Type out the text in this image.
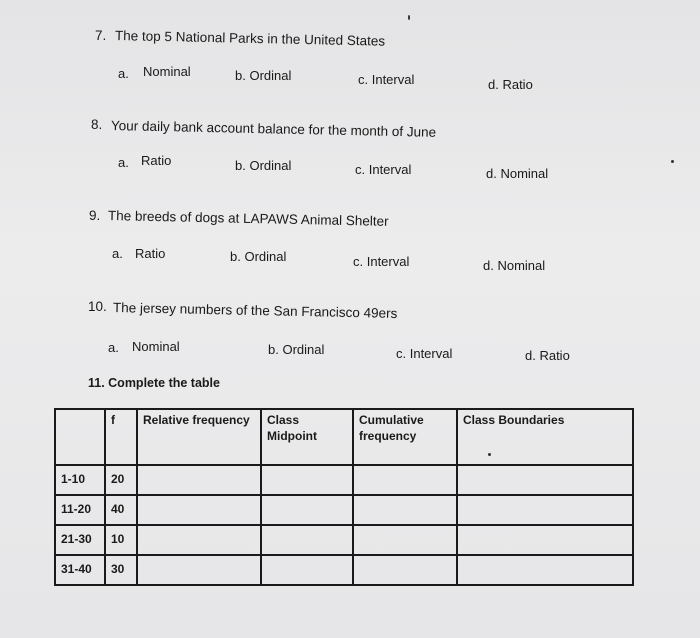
7. The top 5 National Parks in the United States
a. Nominal	b. Ordinal	c. Interval	d. Ratio
8. Your daily bank account balance for the month of June
a. Ratio	b. Ordinal	c. Interval	d. Nominal
9. The breeds of dogs at LAPAWS Animal Shelter
a. Ratio	b. Ordinal	c. Interval	d. Nominal
10. The jersey numbers of the San Francisco 49ers
a. Nominal	b. Ordinal	c. Interval	d. Ratio
11. Complete the table
	f	Relative frequency	Class Midpoint	Cumulative frequency	Class Boundaries
1-10	20				
11-20	40				
21-30	10				
31-40	30				
